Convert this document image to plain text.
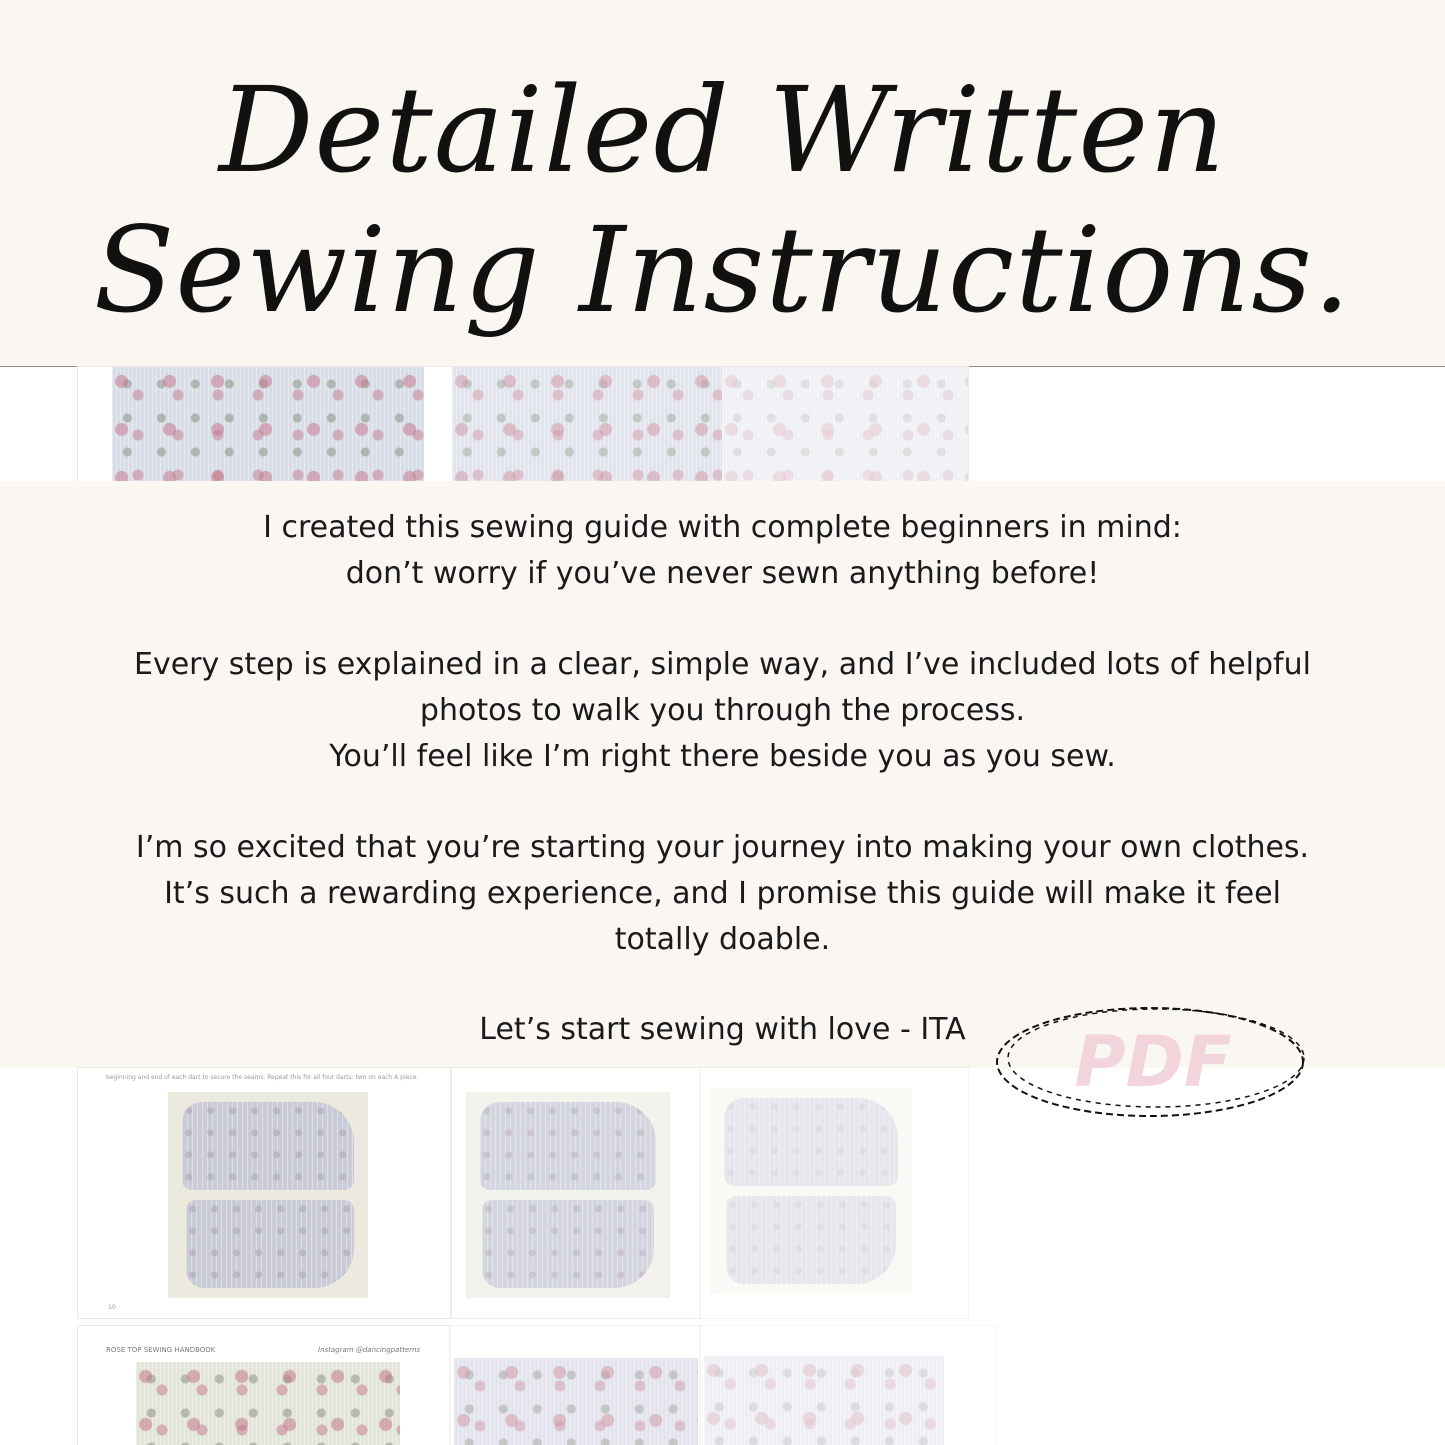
Detailed Written
Sewing Instructions.

I created this sewing guide with complete beginners in mind:
don’t worry if you’ve never sewn anything before!

Every step is explained in a clear, simple way, and I’ve included lots of helpful
photos to walk you through the process.
You’ll feel like I’m right there beside you as you sew.

I’m so excited that you’re starting your journey into making your own clothes.
It’s such a rewarding experience, and I promise this guide will make it feel
totally doable.

Let’s start sewing with love - ITA

beginning and end of each dart to secure the seams. Repeat this for all four darts: two on each A piece.
10
ROSE TOP SEWING HANDBOOK	Instagram @dancingpatterns
PDF
